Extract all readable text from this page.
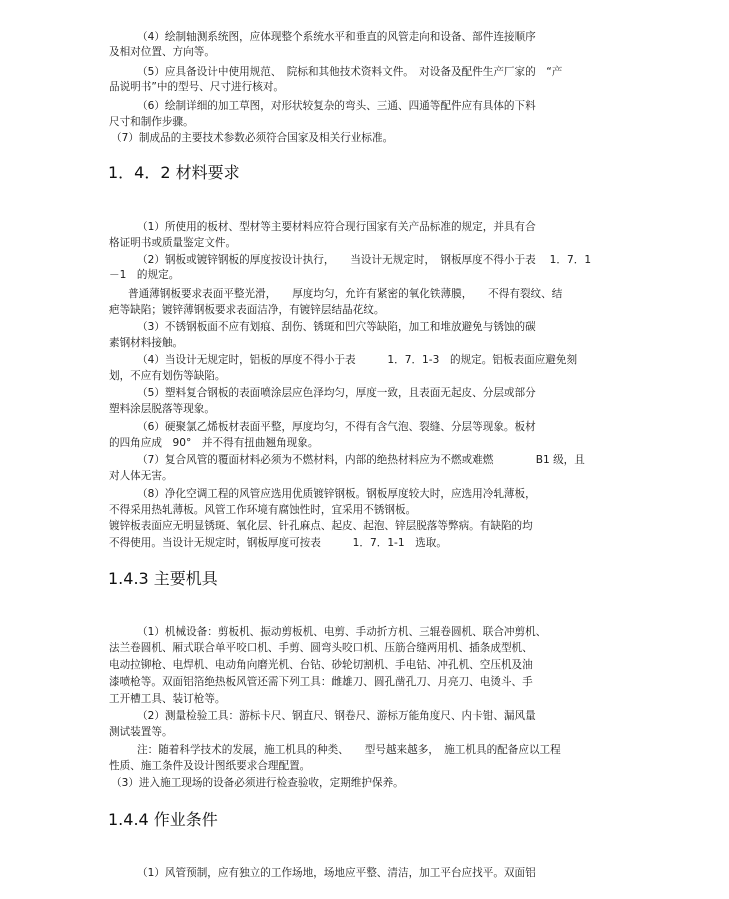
（4）绘制轴测系统图，应体现整个系统水平和垂直的风管走向和设备、部件连接顺序
及相对位置、方向等。
（5）应具备设计中使用规范、　院标和其他技术资料文件。　对设备及配件生产厂家的　“产
品说明书”中的型号、尺寸进行核对。
（6）绘制详细的加工草图，对形状较复杂的弯头、三通、四通等配件应有具体的下料
尺寸和制作步骤。
（7）制成品的主要技术参数必须符合国家及相关行业标准。
1．4．2 材料要求
（1）所使用的板材、型材等主要材料应符合现行国家有关产品标准的规定，并具有合
格证明书或质量鉴定文件。
（2）钢板或镀锌钢板的厚度按设计执行，　　当设计无规定时，　钢板厚度不得小于表　 1．7．1
－1　的规定。
普通薄钢板要求表面平整光滑，　　厚度均匀，允许有紧密的氧化铁薄膜，　　不得有裂纹、结
疤等缺陷；镀锌薄钢板要求表面洁净，有镀锌层结晶花纹。
（3）不锈钢板面不应有划痕、刮伤、锈斑和凹穴等缺陷，加工和堆放避免与锈蚀的碳
素钢材料接触。
（4）当设计无规定时，铝板的厚度不得小于表　　　1．7．1-3　的规定。铝板表面应避免刻
划，不应有划伤等缺陷。
（5）塑料复合钢板的表面喷涂层应色泽均匀，厚度一致，且表面无起皮、分层或部分
塑料涂层脱落等现象。
（6）硬聚氯乙烯板材表面平整，厚度均匀，不得有含气泡、裂缝、分层等现象。板材
的四角应成　90°　并不得有扭曲翘角现象。
（7）复合风管的覆面材料必须为不燃材料，内部的绝热材料应为不燃或难燃　　　　B1 级，且
对人体无害。
（8）净化空调工程的风管应选用优质镀锌钢板。钢板厚度较大时，应选用冷轧薄板，
不得采用热轧薄板。风管工作环境有腐蚀性时，宜采用不锈钢板。
镀锌板表面应无明显锈斑、氧化层、针孔麻点、起皮、起泡、锌层脱落等弊病。有缺陷的均
不得使用。当设计无规定时，钢板厚度可按表　　　1．7．1-1　选取。
1.4.3 主要机具
（1）机械设备：剪板机、振动剪板机、电剪、手动折方机、三辊卷圆机、联合冲剪机、
法兰卷圆机、厢式联合单平咬口机、手剪、圆弯头咬口机、压筋合缝两用机、插条成型机、
电动拉铆枪、电焊机、电动角向磨光机、台钻、砂轮切割机、手电钻、冲孔机、空压机及油
漆喷枪等。双面铝箔绝热板风管还需下列工具：雌雄刀、圆孔凿孔刀、月亮刀、电烫斗、手
工开槽工具、装订枪等。
（2）测量检验工具：游标卡尺、钢直尺、钢卷尺、游标万能角度尺、内卡钳、漏风量
测试装置等。
注：随着科学技术的发展，施工机具的种类、　　型号越来越多，　施工机具的配备应以工程
性质、施工条件及设计图纸要求合理配置。
（3）进入施工现场的设备必须进行检查验收，定期维护保养。
1.4.4 作业条件
（1）风管预制，应有独立的工作场地，场地应平整、清洁，加工平台应找平。双面铝
